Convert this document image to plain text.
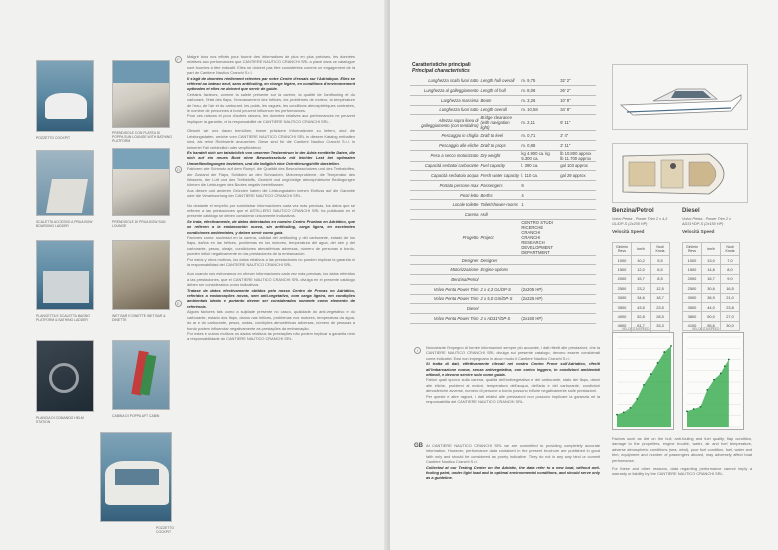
POZZETTO COCKPIT
PRENDISOLE CON PLATEA DI POPPA SUN LOUNGE WITH BATHING PLATFORM
SCALETTA ACCESSO A PRUA BOW BOARDING LADDER
PRENDISOLE DI PRUA BOW SUN LOUNGE
PLANCETTA E SCALETTA BAGNO PLATFORM & BATHING LADDER
WET BAR E DINETTE WET BAR & DINETTE
PLANCIA DI COMANDO HELM STATION
CABINA DI POPPA AFT CABIN
POZZETTO COCKPIT
F
D
E

Malgré tous nos efforts pour fournir des informations de plus en plus précises, les données relatives aux performances que CANTIERE NAUTICO CRANCHI SRL a placé dans ce catalogue sont fournies à titre indicatif. Elles ne doivent pas être considérées comme un engagement de la part de Cantiere Nautico Cranchi S.r.l.

Il s'agit de données réellement relevées par notre Centre d'essais sur l'Adriatique. Elles se réfèrent au bateau neuf, sans antifouling, en charge légère, en conditions d'environnement optimales et elles ne doivent que servir de guide.

Certains facteurs, comme la salete présente sur la carène, la qualité de l'antifouling et du carburant, l'état des flaps, l'encrassement des hélices, les problèmes de moteur, la température de l'eau, de l'air et du carburant, les poids, les vagues, les conditions atmosphériques contraires, le nombre de personnes à bord peuvent influencer les performances.

Pour ces raisons et pour d'autres raisons, les données relatives aux performances ne peuvent impliquer la garantie, ni la responsabilité de CANTIERE NAUTICO CRANCHI SRL.

Obwohl wir uns daran bemühen, immer präzisere Informationen zu liefern, sind die Leistungsdaten, welche vom CANTIERE NAUTICO CRANCHI SRL in diesem Katalog enthalten sind, als reine Richtwerte anzusehen. Diese sind für die Cantiere Nautico Cranchi S.r.l. in keinerlei Fall verbindlich oder verpflichtend.

Es handelt sich um tatsächlich von unserem Testzentrum in der Adria ermittelte Daten, die sich auf ein neues Boot ohne Bewuchsschutz mit leichter Last bei optimalen Umweltbedingungen beziehen, und die lediglich eine Orientierungshilfe darstellen.

Faktoren wie Schmutz auf dem Rumpf, die Qualität des Bewuchsschutzes und des Treibstoffes, der Zustand der Flaps, Schäden an den Schrauben, Motorenprobleme, die Temperatur des Wassers, der Luft und des Treibstoffs, Gewicht und ungünstige atmosphärische Bedingungen können die Leistungen des Bootes negativ beeinflussen.

Aus diesen und anderen Gründen haben die Leistungsdaten keinen Einfluss auf die Garantie oder die Verantwortung der CANTIERE NAUTICO CRANCHI SRL.

No obstante el empeño por suministrar informaciones cada vez más precisas, los datos que se refieren a las prestaciones que el ASTILLERO NAUTICO CRANCHI SRL ha publicado en el presente catálogo se deben considerar únicamente indicativos.

Se trata, efectivamente, de datos detectados en nuestro Centro Pruebas en Adriático, que se refieren a la embarcación nueva, sin antifouling, carga ligera, en excelentes condiciones ambientales, y deben servir como guía.

Factores como: suciedad en la carena, calidad del antifouling y del carburante, estado de los flaps, daños en las hélices, problemas en los motores, temperatura del agua, del aire y del carburante, pesos, oleaje, condiciones atmosféricas adversas, número de personas a bordo, pueden influir negativamente en las prestaciones de la embarcación.

Por estos y otros motivos, los datos relativos a las prestaciones no pueden implicar la garantía ni la responsabilidad del CANTIERE NAUTICO CRANCHI SRL.

Aun cuando nos esforzamos en ofrecer informaciones cada vez más precisas, los datos referidos a las prestaciones, que el CANTIERE NAUTICO CRANCHI SRL divulga en el presente catálogo deben ser considerados como indicativos.

Tratase de datos efectivamente obtidos pelo nosso Centro de Provas no Adriático, referidos a embarcações novas, sem anti-vegetativo, com carga ligeira, em condições ambientais ideais e portanto devem ser considerados somente como elemento de referência.

Alguns factores tais como a sujidade presente no casco, qualidade do anti-vegetativo e do carburante, estado dos flaps, danos nas hélices, problemas nos motores, temperatura da água, do ar e do carburante, pesos, ondas, condições atmosféricas adversas, número de pessoas a bordo podem influenciar negativamente as prestações da embarcação.

Por estes e outros motivos os dados relativos às prestações não podem implicar a garantia nem a responsabilidade do CANTIERE NAUTICO CRANCHI SRL.

Caratteristiche principali
Principal characteristics
Lunghezza scafo fuori tutto	Length hull overall	m. 9,75	32' 2"
Lunghezza al galleggiamento	Length of hull	m. 8,08	26' 2"
Larghezza massima	Beam	m. 3,26	10' 8"
Lunghezza fuori tutto	Length overall	m. 10,58	34' 8"
Altezza sopra linea di galleggiamento (con tendalino)	Bridge clearance (with navigation light)	m. 2,11	6' 11"
Pescaggio in chiglia	Draft to keel	m. 0,71	2' 4"
Pescaggio alle eliche	Draft to props	m. 0,88	2' 11"
Peso a secco motorizzato	Dry weight	kg 4.900 ca. kg 5.300 ca.	lb 10.800 approx lb 11.700 approx
Capacità serbatoi carburante	Fuel capacity	l. 390 ca.	gal 103 approx
Capacità serbatoio acqua	Fresh water capacity	l. 110 ca.	gal 29 approx
Portata persone max	Passengers	9	
Posti letto	Berths	4	
Locale toilette	Toilet/shower-rooms	1	
Carena	Hull		
Progetto	Project	CENTRO STUDI RICERCHE CRANCHI CRANCHI RESEARCH DEVELOPMENT DEPARTMENT	
Designer	Designer		
Motorizzazione	Engine options		
Benzina/Petrol			
Volvo Penta Power Trim	2 x 4,3 GL/DP-S	(2x205 HP)	
Volvo Penta Power Trim	2 x 5,0 GXi/DP-S	(2x225 HP)	
Diesel			
Volvo Penta Power Trim	2 x AD31*/DP-S	(2x150 HP)	
Benzina/Petrol
Volvo Penta - Power Trim 2 x 4,3 GL/DP-S (2x205 HP)
Velocità Speed
Giri/min Revs	km/h	Nodi Knots
1000	10,2	5,5
1500	12,0	6,5
2000	15,7	8,5
2500	23,2	12,5
3000	34,6	18,7
3500	43,5	23,5
4000	52,8	28,5
4500	61,7	33,3

Diesel
Volvo Penta - Power Trim 2 x AD31*/DP-S (2x150 HP)
Velocità Speed
Giri/min Revs	km/h	Nodi Knots
1000	13,0	7,0
1500	14,8	8,0
2000	16,7	9,0
2500	30,6	16,5
3000	36,9	21,0
3500	44,0	23,8
3800	50,0	27,0
4100	55,6	30,0
VELOCITÀ/SPEED	VELOCITÀ/SPEED
I

Nonostante l'impegno di fornire informazioni sempre più accurate, i dati riferiti alle prestazioni, che la CANTIERE NAUTICO CRANCHI SRL divulga sul presente catalogo, devono essere considerati come indicativi. Essi non impegnano in alcun modo il Cantiere Nautico Cranchi S.r.l.

Si tratta di dati, effettivamente rilevati nel nostro Centro Prove sull'Adriatico, riferiti all'imbarcazione nuova, senza antivegetativa, con carico leggero, in condizioni ambientali ottimali, e devono servire solo come guida.

Fattori quali sporco sulla carena, qualità dell'antivegetativa e del carburante, stato dei flaps, danni alle eliche, problemi ai motori, temperatura dell'acqua, dell'aria e del carburante, condizioni atmosferiche avverse, numero di persone a bordo possono influire negativamente sulle prestazioni.

Per queste e altre ragioni, i dati relativi alle prestazioni non possono implicare la garanzia né la responsabilità del CANTIERE NAUTICO CRANCHI SRL.

GB At CANTIERE NAUTICO CRANCHI SRL we are committed to providing completely accurate information. However, performance data contained in the present brochure are published in good faith only and should be considered as purely indicative. They do not in any way bind or commit Cantiere Nautico Cranchi S.r.l.

Collected at our Testing Center on the Adriatic, the data refer to a new boat, without anti-fouling paint, under light load and in optimal environmental conditions, and should serve only as a guideline.

Factors such as dirt on the hull, anti-fouling and fuel quality, flap condition, damage to the propellers, engine trouble, water, air and fuel temperature, adverse atmospheric conditions (sea, wind), poor fuel condition, fuel, water and trim, equipment and number of passengers aboard, may adversely affect boat performance.

For these and other reasons, data regarding performance cannot imply a warranty or liability by the CANTIERE NAUTICO CRANCHI SRL.
